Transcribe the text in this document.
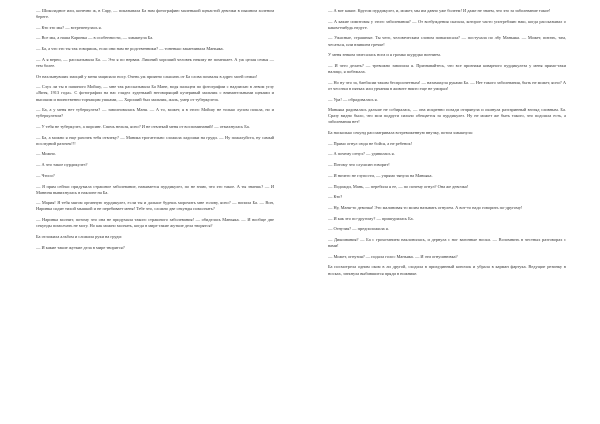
— Шоколадное или, конечно ж, в Сару, — показывала Ба нам фотографию маленькой щекастой девочки в пышном холеном береге.

— Кто это мы? — встрепенулась я.

— Все мы, а наша Каринка — в особенности, — хмыкнула Ба.

— Ба, а что это ты так говоришь, если они нам не родственники? — тоненько заканчивала Маньяка.

— А я верно, — рассказывала Ба. — Это я по нервам. Лишний хороший человек некому не помешает. А уж целая семья — тем более.

От нахлынувших эмоций у меня защипало носу. Очень уж приятно слышать от Ба слова похвалы в адрес моей семьи!

— Слух ли ты в папиного Мойшу, — мне так рассказывала Ба Мане, водя пальцем по фотографии с надписью в левом углу «Витя, 1913 года». С фотографии на нас глядел худенький неговорящий кучерявый мальчик с внимательными щеками и высоким и воинственно торчащим ушками, — Хороший был мальчик, жаль, умер от туберкулеза.

— Ба, а у меня нет туберкулеза? — заволновалась Маня. — А то, может, я в этого Мойшу не только лупом пошла, но и туберкулезом?

— У тебя не туберкулез, а пирсинг. Спичь нельзя, ясно? И не отвлекай меня от воспоминаний! — отмахнулась Ба.

— Ба, а можно я еще разочек тебя отвлеку? — Маника трогательно сложила ладошки на груди. — Ну пожалуйста, ну самый последний разочек!!!

— Можно.

— А что такое пурдикулез?

— Чтооо?

— Я прям сейчас придумала страшное заболевание, называется пурдикулез, по не знаю, что это такое. А ты знаешь? — И Манюня вывихнулась в наклоне на Ба.

— Мария! Я тебя мягом органную пурдикулез, если ты и дальше будешь морочить мне голову, ясно? — вопила Ба. — Вон, Наринка сидит тихой мышкой и не перебивает меня! Тебе что, сложно две секунды помолчать?

— Наринка молчит, потому что она не придумала такого страшного заболевания! — обиделась Маньяка. — И вообще две секунды помолчать не могу. Но как можно молчать, когда в мире такие жуткие дела творятся?

Ба отложила альбом и сложила руки на груди:

— И какие такие жуткие дела в мире творятся?

— А вот какие. Кругом пурдикулез, и, может, мы им давно уже болеем! И даже не знаем, что это за заболевание такое!

— А какие симптомы у этого заболевания? — От возбуждения сказала, которое часто употребляю наш, когда рассказывал о каком-нибудь недуге.

— Ужасные, страшные. Ты чего, человеческим словом повыписала? — постучала по лбу Маньяка. — Может, питать, там, чесаться, или взявшем гречке!

У меня зевком зачесалась нога и я громко шурудко воением.

— И чего делать? — тревожно завопила я. Признавайтесь, что все признаки коварного пурдикулеза у меня прямо-таки налицо, я побежала.

— Но ну что за, банбасии таким беспроочетным! — назамахула руками Ба. — Нет такого заболевания, быть не может, ясно? А от чесотки в пятках или урчания в животе никто еще не умирал!

— Ура! — обрадовалась я.

Маньяка радовалась дальше не собиралась, — она искренно позади отпрянула и окинула разгаринный взгляд сливным. Ба. Сразу видно было, что мои подруги сильно обещается за пурдикулез. Ну не может же быть такого, что подошла есть, а заболевания нет!

Ба насколько секунд рассматривала встревоженную внучку, потом хмыкнула:

— Прямо огнул сюда не бойся, а не ребенок!

— А почему огнул? — удивилась я.

— Потому что слушсин говорит!

— И ничего не глупости, — упрямо тянула на Маньяка.

— Подожди, Мань, — перебила я ее, — по почему огнул? Она же девочка!

— Кто?

— Ну, Маня-то девочка! Это малиновая то моим называть огнулем. А вот-то надо говорить по-другому!

— И как это по-другому? — пришурилась Ба.

— Огнузия? — предположила я.

— Дикоивания? — Ба с грохотанием наклонилась, и дернула с ног вагонные носки. — Вспомнить в честных разговорах с вами!

— Может, огнузия? — подала голос Маньяка. — И эти огнушнювка?

Ба посмотрела одним оком в ли другой, сходила в прихудинный коночок и убрала в карман фартука. Ведущие резинку в носках, заткнула выбившиеся пряди в ножнике.
